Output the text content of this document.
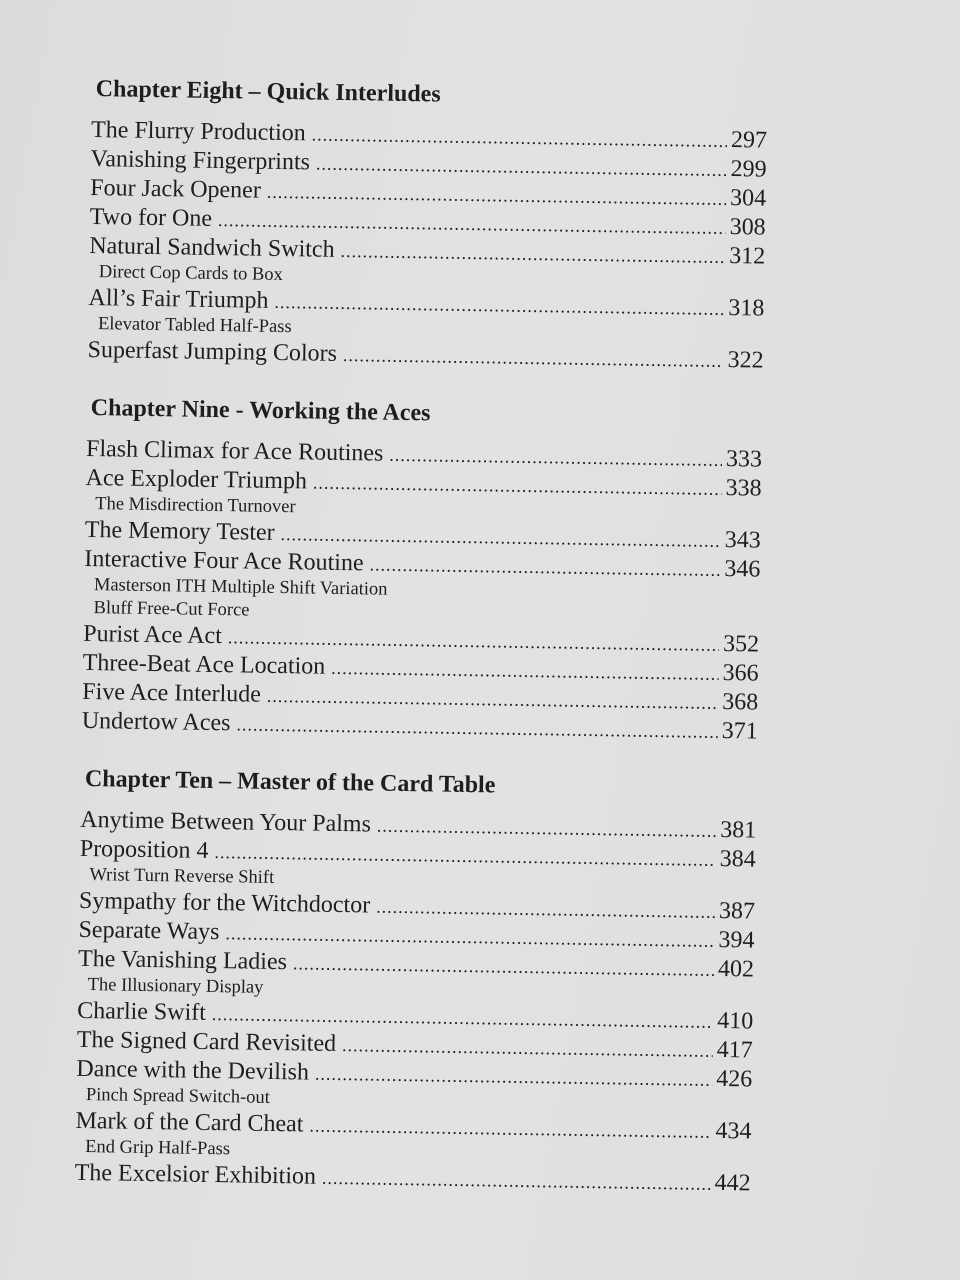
Chapter Eight – Quick Interludes
The Flurry Production .....	297
Vanishing Fingerprints .....	299
Four Jack Opener .....	304
Two for One .....	308
Natural Sandwich Switch .....	312
Direct Cop Cards to Box
All’s Fair Triumph .....	318
Elevator Tabled Half-Pass
Superfast Jumping Colors .....	322
Chapter Nine - Working the Aces
Flash Climax for Ace Routines .....	333
Ace Exploder Triumph .....	338
The Misdirection Turnover
The Memory Tester .....	343
Interactive Four Ace Routine .....	346
Masterson ITH Multiple Shift Variation
Bluff Free-Cut Force
Purist Ace Act .....	352
Three-Beat Ace Location .....	366
Five Ace Interlude .....	368
Undertow Aces .....	371
Chapter Ten – Master of the Card Table
Anytime Between Your Palms .....	381
Proposition 4 .....	384
Wrist Turn Reverse Shift
Sympathy for the Witchdoctor .....	387
Separate Ways .....	394
The Vanishing Ladies .....	402
The Illusionary Display
Charlie Swift .....	410
The Signed Card Revisited .....	417
Dance with the Devilish .....	426
Pinch Spread Switch-out
Mark of the Card Cheat .....	434
End Grip Half-Pass
The Excelsior Exhibition .....	442
